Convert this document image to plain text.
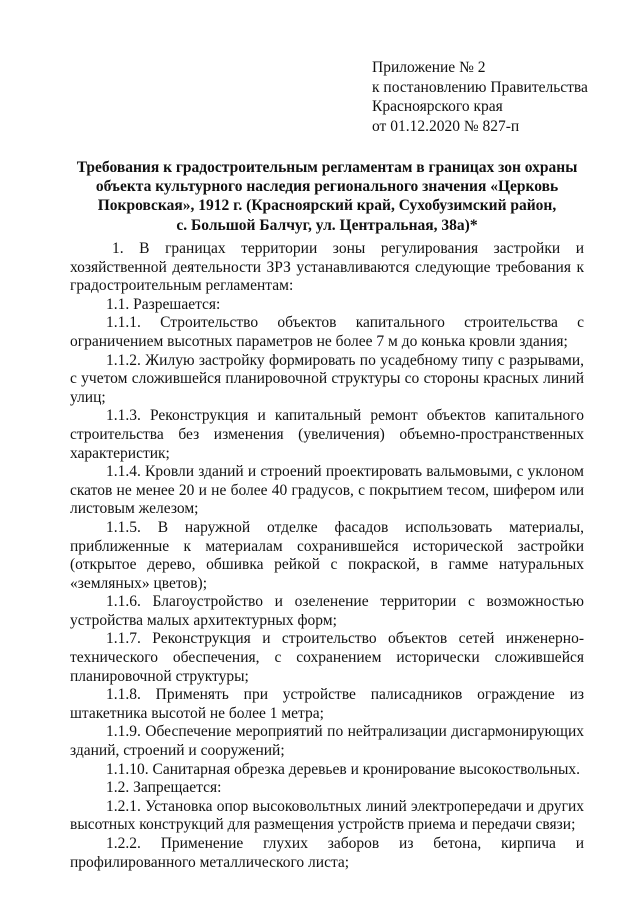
Приложение № 2
к постановлению Правительства
Красноярского края
от 01.12.2020 № 827-п
Требования к градостроительным регламентам в границах зон охраны
объекта культурного наследия регионального значения «Церковь
Покровская», 1912 г. (Красноярский край, Сухобузимский район,
с. Большой Балчуг, ул. Центральная, 38а)*

1. В границах территории зоны регулирования застройки и хозяйственной деятельности ЗРЗ устанавливаются следующие требования к градостроительным регламентам:

1.1. Разрешается:

1.1.1. Строительство объектов капитального строительства с ограничением высотных параметров не более 7 м до конька кровли здания;

1.1.2. Жилую застройку формировать по усадебному типу с разрывами, с учетом сложившейся планировочной структуры со стороны красных линий улиц;

1.1.3. Реконструкция и капитальный ремонт объектов капитального строительства без изменения (увеличения) объемно-пространственных характеристик;

1.1.4. Кровли зданий и строений проектировать вальмовыми, с уклоном скатов не менее 20 и не более 40 градусов, с покрытием тесом, шифером или листовым железом;

1.1.5. В наружной отделке фасадов использовать материалы, приближенные к материалам сохранившейся исторической застройки (открытое дерево, обшивка рейкой с покраской, в гамме натуральных «земляных» цветов);

1.1.6. Благоустройство и озеленение территории с возможностью устройства малых архитектурных форм;

1.1.7. Реконструкция и строительство объектов сетей инженерно-технического обеспечения, с сохранением исторически сложившейся планировочной структуры;

1.1.8. Применять при устройстве палисадников ограждение из штакетника высотой не более 1 метра;

1.1.9. Обеспечение мероприятий по нейтрализации дисгармонирующих зданий, строений и сооружений;

1.1.10. Санитарная обрезка деревьев и кронирование высокоствольных.

1.2. Запрещается:

1.2.1. Установка опор высоковольтных линий электропередачи и других высотных конструкций для размещения устройств приема и передачи связи;

1.2.2. Применение глухих заборов из бетона, кирпича и профилированного металлического листа;
